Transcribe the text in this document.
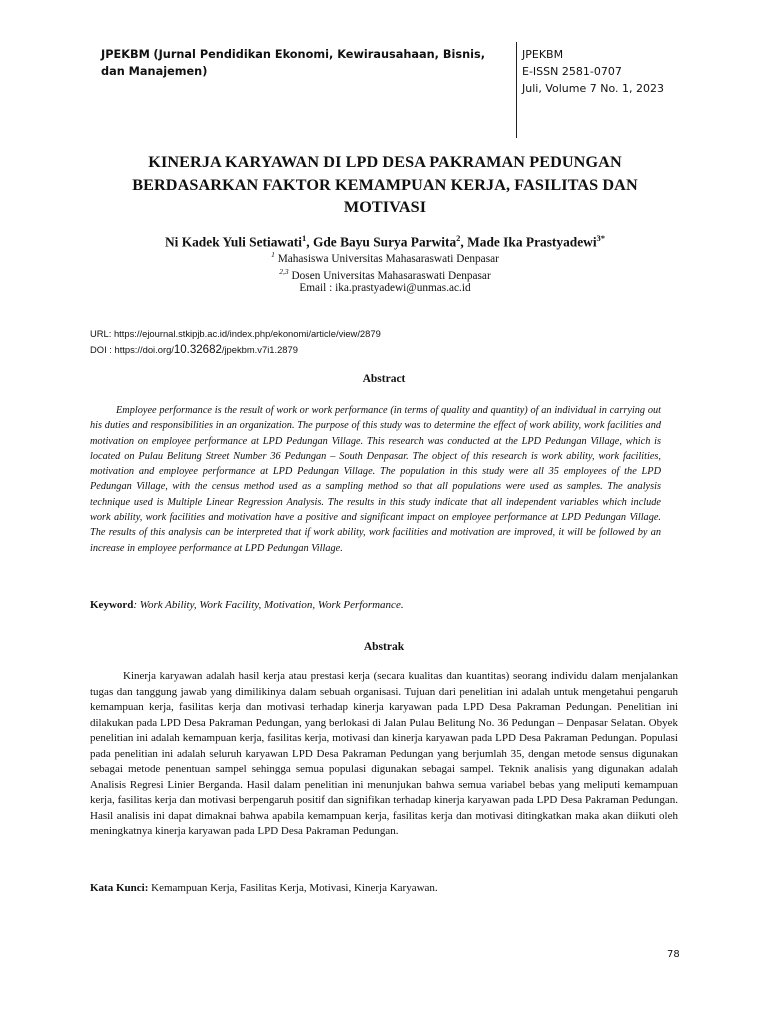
JPEKBM (Jurnal Pendidikan Ekonomi, Kewirausahaan, Bisnis, dan Manajemen)
JPEKBM
E-ISSN 2581-0707
Juli, Volume 7 No. 1, 2023
KINERJA KARYAWAN DI LPD DESA PAKRAMAN PEDUNGAN
BERDASARKAN FAKTOR KEMAMPUAN KERJA, FASILITAS DAN
MOTIVASI
Ni Kadek Yuli Setiawati$^1$, Gde Bayu Surya Parwita$^2$, Made Ika Prastyadewi$^{3*}$
$^1$ Mahasiswa Universitas Mahasaraswati Denpasar
$^{2,3}$ Dosen Universitas Mahasaraswati Denpasar
Email : ika.prastyadewi@unmas.ac.id
URL: https://ejournal.stkipjb.ac.id/index.php/ekonomi/article/view/2879
DOI : https://doi.org/10.32682/jpekbm.v7i1.2879
Abstract
Employee performance is the result of work or work performance (in terms of quality and quantity) of an individual in carrying out his duties and responsibilities in an organization. The purpose of this study was to determine the effect of work ability, work facilities and motivation on employee performance at LPD Pedungan Village. This research was conducted at the LPD Pedungan Village, which is located on Pulau Belitung Street Number 36 Pedungan – South Denpasar. The object of this research is work ability, work facilities, motivation and employee performance at LPD Pedungan Village. The population in this study were all 35 employees of the LPD Pedungan Village, with the census method used as a sampling method so that all populations were used as samples. The analysis technique used is Multiple Linear Regression Analysis. The results in this study indicate that all independent variables which include work ability, work facilities and motivation have a positive and significant impact on employee performance at LPD Pedungan Village. The results of this analysis can be interpreted that if work ability, work facilities and motivation are improved, it will be followed by an increase in employee performance at LPD Pedungan Village.
Keyword: Work Ability, Work Facility, Motivation, Work Performance.
Abstrak
Kinerja karyawan adalah hasil kerja atau prestasi kerja (secara kualitas dan kuantitas) seorang individu dalam menjalankan tugas dan tanggung jawab yang dimilikinya dalam sebuah organisasi. Tujuan dari penelitian ini adalah untuk mengetahui pengaruh kemampuan kerja, fasilitas kerja dan motivasi terhadap kinerja karyawan pada LPD Desa Pakraman Pedungan. Penelitian ini dilakukan pada LPD Desa Pakraman Pedungan, yang berlokasi di Jalan Pulau Belitung No. 36 Pedungan – Denpasar Selatan. Obyek penelitian ini adalah kemampuan kerja, fasilitas kerja, motivasi dan kinerja karyawan pada LPD Desa Pakraman Pedungan. Populasi pada penelitian ini adalah seluruh karyawan LPD Desa Pakraman Pedungan yang berjumlah 35, dengan metode sensus digunakan sebagai metode penentuan sampel sehingga semua populasi digunakan sebagai sampel. Teknik analisis yang digunakan adalah Analisis Regresi Linier Berganda. Hasil dalam penelitian ini menunjukan bahwa semua variabel bebas yang meliputi kemampuan kerja, fasilitas kerja dan motivasi berpengaruh positif dan signifikan terhadap kinerja karyawan pada LPD Desa Pakraman Pedungan. Hasil analisis ini dapat dimaknai bahwa apabila kemampuan kerja, fasilitas kerja dan motivasi ditingkatkan maka akan diikuti oleh meningkatnya kinerja karyawan pada LPD Desa Pakraman Pedungan.
Kata Kunci: Kemampuan Kerja, Fasilitas Kerja, Motivasi, Kinerja Karyawan.
78
